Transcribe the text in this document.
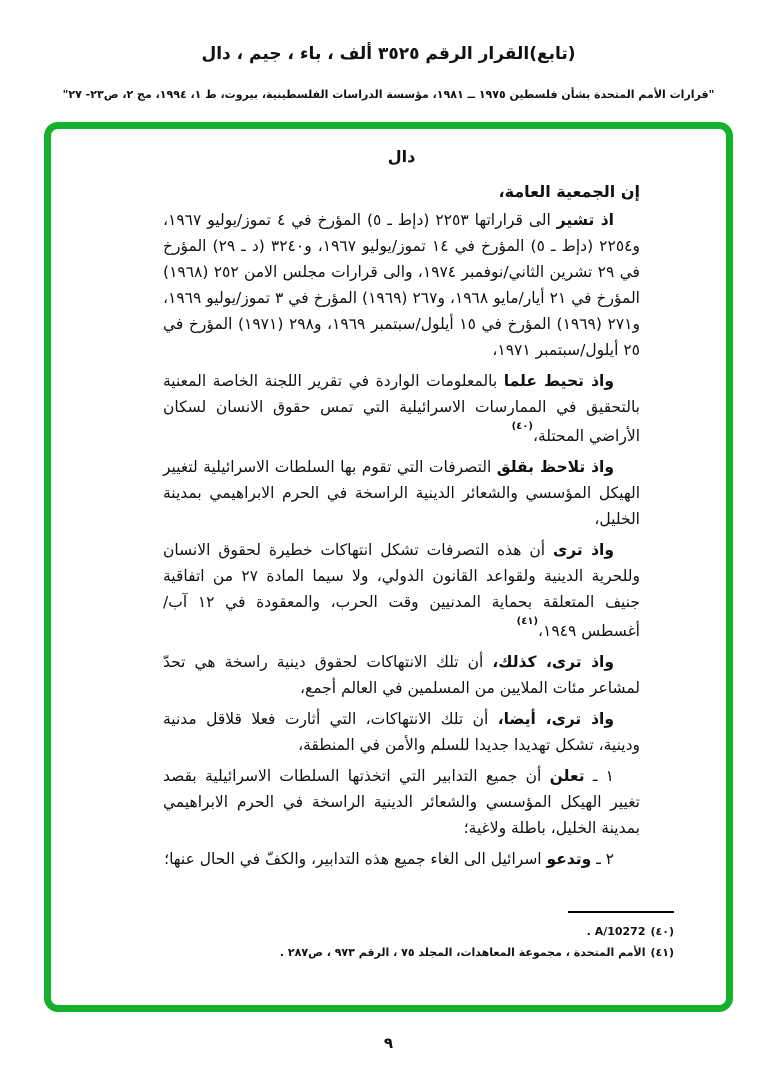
(تابع)القرار الرقم ٣٥٢٥ ألف ، باء ، جيم ، دال
"قرارات الأمم المتحدة بشأن فلسطين ١٩٧٥ ــ ١٩٨١، مؤسسة الدراسات الفلسطينية، بيروت، ط ١، ١٩٩٤، مج ٢، ص٢٣- ٢٧"
دال

إن الجمعية العامة،

اذ تشير الى قراراتها ٢٢٥٣ (دإط ـ ٥) المؤرخ في ٤ تموز/يوليو ١٩٦٧، و٢٢٥٤ (دإط ـ ٥) المؤرخ في ١٤ تموز/يوليو ١٩٦٧، و٣٢٤٠ (د ـ ٢٩) المؤرخ في ٢٩ تشرين الثاني/نوفمبر ١٩٧٤، والى قرارات مجلس الامن ٢٥٢ (١٩٦٨) المؤرخ في ٢١ أيار/مايو ١٩٦٨، و٢٦٧ (١٩٦٩) المؤرخ في ٣ تموز/يوليو ١٩٦٩، و٢٧١ (١٩٦٩) المؤرخ في ١٥ أيلول/سبتمبر ١٩٦٩، و٢٩٨ (١٩٧١) المؤرخ في ٢٥ أيلول/سبتمبر ١٩٧١،

واذ تحيط علما بالمعلومات الواردة في تقرير اللجنة الخاصة المعنية بالتحقيق في الممارسات الاسرائيلية التي تمس حقوق الانسان لسكان الأراضي المحتلة،$^{(٤٠)}$

واذ تلاحظ بقلق التصرفات التي تقوم بها السلطات الاسرائيلية لتغيير الهيكل المؤسسي والشعائر الدينية الراسخة في الحرم الابراهيمي بمدينة الخليل،

واذ ترى أن هذه التصرفات تشكل انتهاكات خطيرة لحقوق الانسان وللحرية الدينية ولقواعد القانون الدولي، ولا سيما المادة ٢٧ من اتفاقية جنيف المتعلقة بحماية المدنيين وقت الحرب، والمعقودة في ١٢ آب/أغسطس ١٩٤٩،$^{(٤١)}$

واذ ترى، كذلك، أن تلك الانتهاكات لحقوق دينية راسخة هي تحدّ لمشاعر مئات الملايين من المسلمين في العالم أجمع،

واذ ترى، أيضا، أن تلك الانتهاكات، التي أثارت فعلا قلاقل مدنية ودينية، تشكل تهديدا جديدا للسلم والأمن في المنطقة،

١ ـ تعلن أن جميع التدابير التي اتخذتها السلطات الاسرائيلية بقصد تغيير الهيكل المؤسسي والشعائر الدينية الراسخة في الحرم الابراهيمي بمدينة الخليل، باطلة ولاغية؛

٢ ـ وتدعو اسرائيل الى الغاء جميع هذه التدابير، والكفّ في الحال عنها؛

(٤٠)A/10272 .
(٤١)الأمم المتحدة ، مجموعة المعاهدات، المجلد ٧٥ ، الرقم ٩٧٣ ، ص٢٨٧ .
٩
